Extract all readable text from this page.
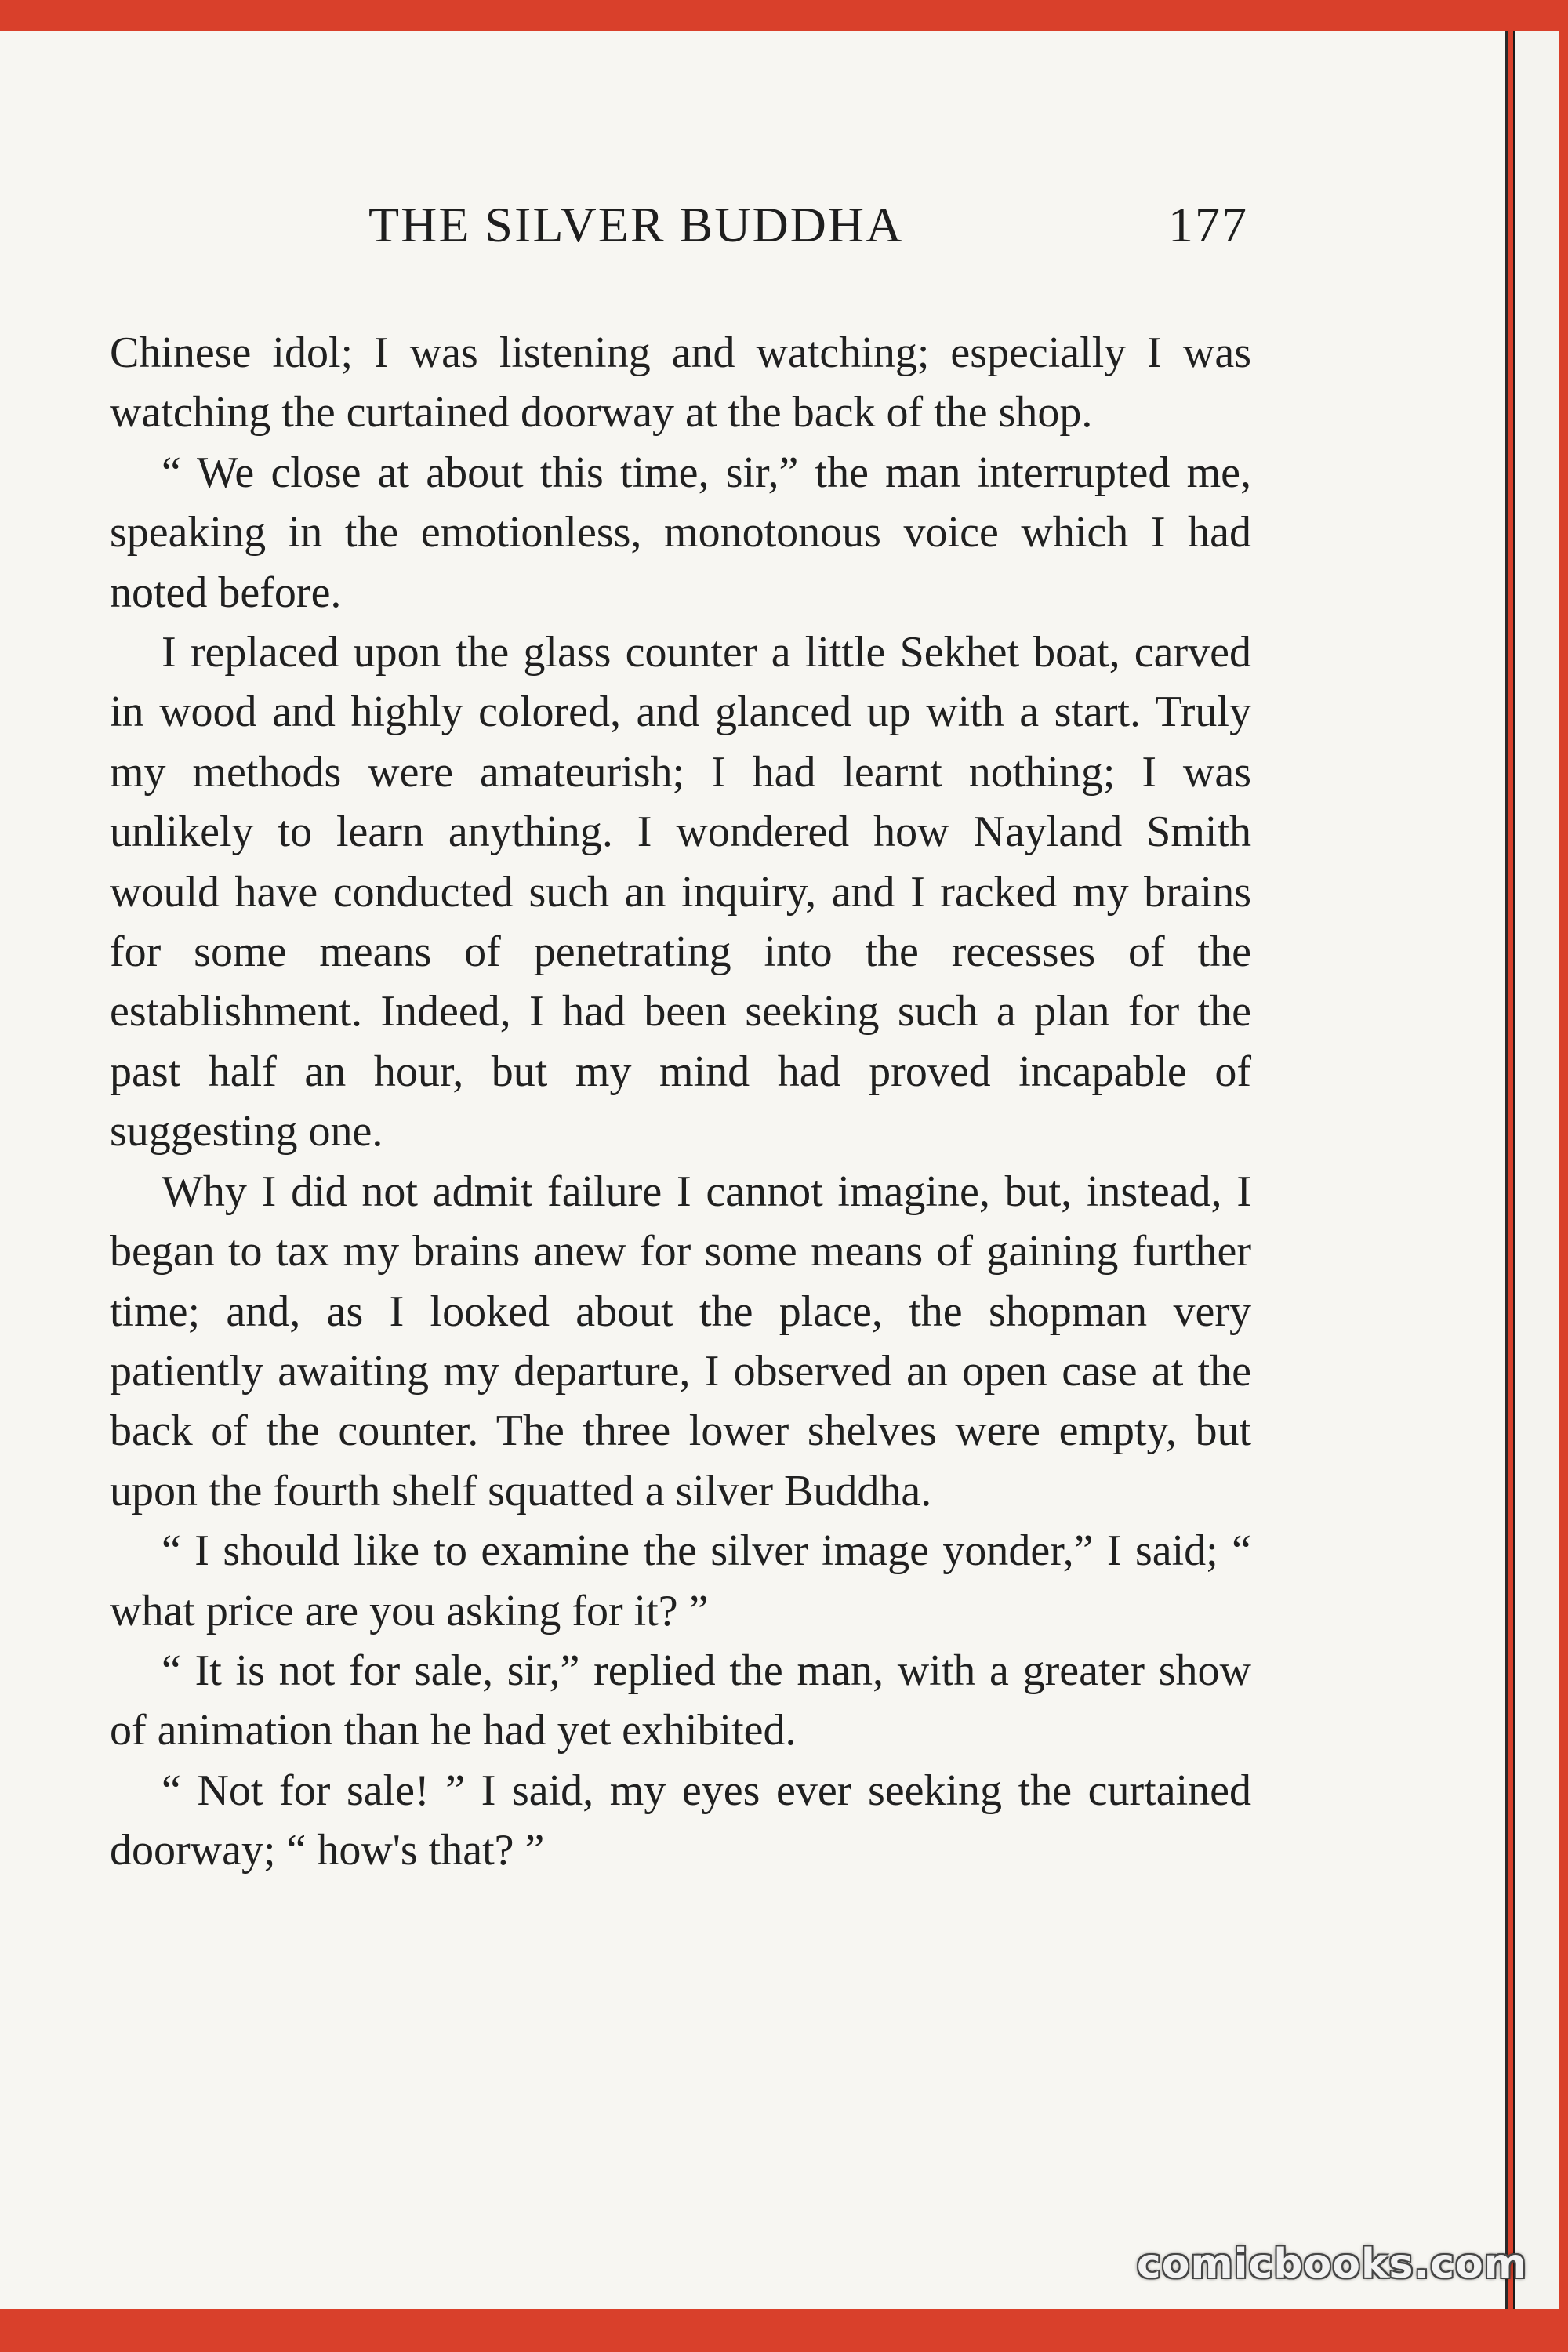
THE SILVER BUDDHA	177

Chinese idol; I was listening and watching; especially I was watching the curtained doorway at the back of the shop.

“ We close at about this time, sir,” the man interrupted me, speaking in the emotionless, monotonous voice which I had noted before.

I replaced upon the glass counter a little Sekhet boat, carved in wood and highly colored, and glanced up with a start. Truly my methods were amateurish; I had learnt nothing; I was unlikely to learn anything. I wondered how Nayland Smith would have conducted such an inquiry, and I racked my brains for some means of penetrating into the recesses of the establishment. Indeed, I had been seeking such a plan for the past half an hour, but my mind had proved incapable of suggesting one.

Why I did not admit failure I cannot imagine, but, instead, I began to tax my brains anew for some means of gaining further time; and, as I looked about the place, the shopman very patiently awaiting my departure, I observed an open case at the back of the counter. The three lower shelves were empty, but upon the fourth shelf squatted a silver Buddha.

“ I should like to examine the silver image yonder,” I said; “ what price are you asking for it? ”

“ It is not for sale, sir,” replied the man, with a greater show of animation than he had yet exhibited.

“ Not for sale! ” I said, my eyes ever seeking the curtained doorway; “ how's that? ”

comicbooks.com
